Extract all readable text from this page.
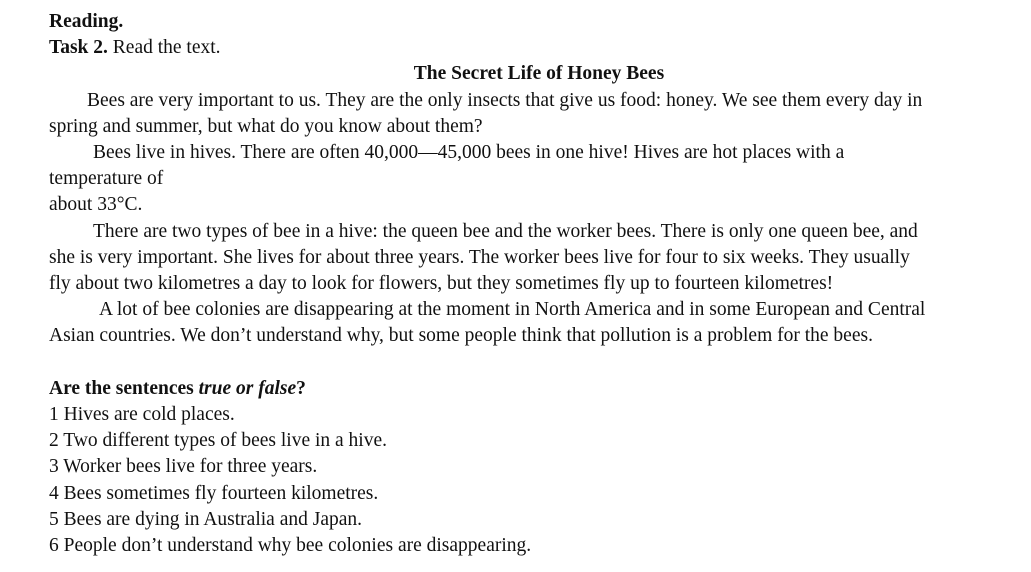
Reading.
Task 2. Read the text.
The Secret Life of Honey Bees
Bees are very important to us. They are the only insects that give us food: honey. We see them every day in
spring and summer, but what do you know about them?
Bees live in hives. There are often 40,000—45,000 bees in one hive! Hives are hot places with a
temperature of
about 33°C.
There are two types of bee in a hive: the queen bee and the worker bees. There is only one queen bee, and
she is very important. She lives for about three years. The worker bees live for four to six weeks. They usually
fly about two kilometres a day to look for flowers, but they sometimes fly up to fourteen kilometres!
A lot of bee colonies are disappearing at the moment in North America and in some European and Central
Asian countries. We don’t understand why, but some people think that pollution is a problem for the bees.
Are the sentences true or false?
1 Hives are cold places.
2 Two different types of bees live in a hive.
3 Worker bees live for three years.
4 Bees sometimes fly fourteen kilometres.
5 Bees are dying in Australia and Japan.
6 People don’t understand why bee colonies are disappearing.
